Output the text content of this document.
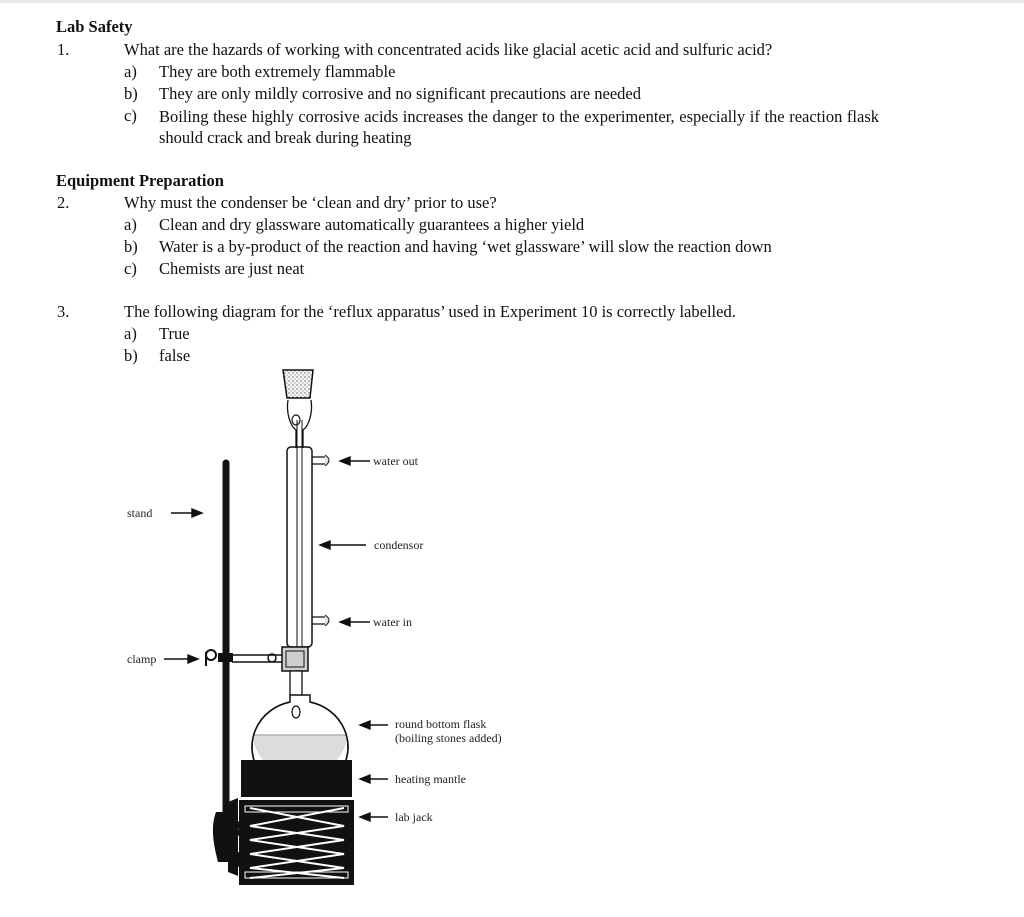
Lab Safety
1.	What are the hazards of working with concentrated acids like glacial acetic acid and sulfuric acid?
a) They are both extremely flammable
b) They are only mildly corrosive and no significant precautions are needed
c) Boiling these highly corrosive acids increases the danger to the experimenter, especially if the reaction flask should crack and break during heating
Equipment Preparation
2.	Why must the condenser be ‘clean and dry’ prior to use?
a) Clean and dry glassware automatically guarantees a higher yield
b) Water is a by-product of the reaction and having ‘wet glassware’ will slow the reaction down
c) Chemists are just neat
3.	The following diagram for the ‘reflux apparatus’ used in Experiment 10 is correctly labelled.
a) True
b) false
water out
stand
condensor
water in
clamp
round bottom flask
(boiling stones added)
heating mantle
lab jack
